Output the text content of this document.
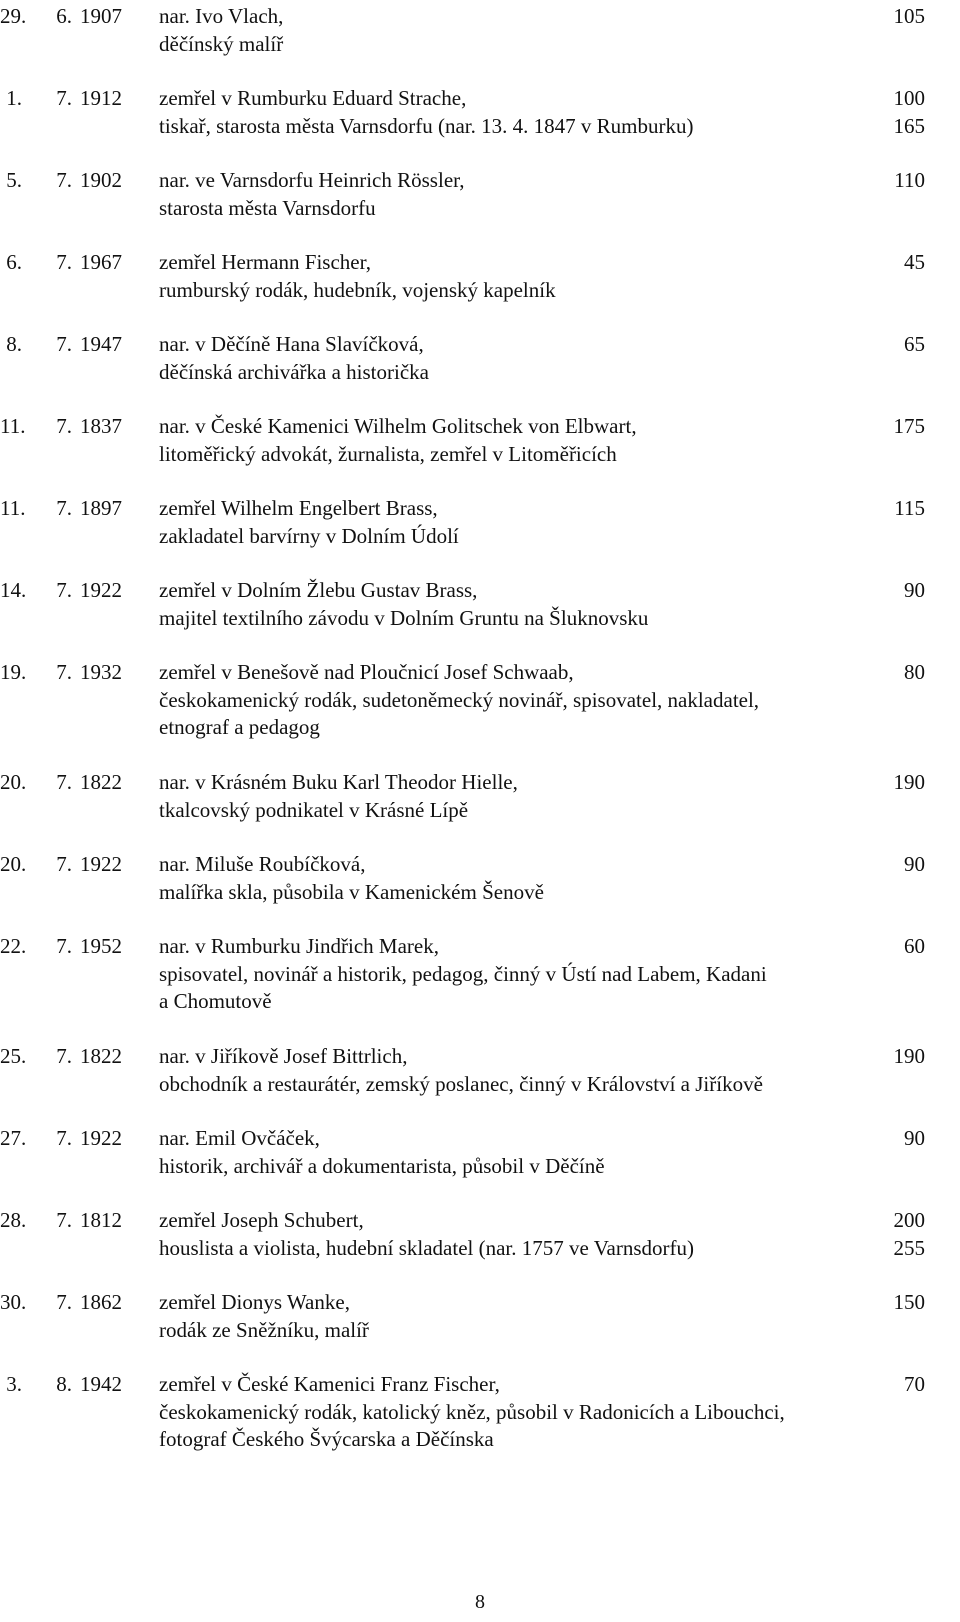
29.	6. 1907 nar. Ivo Vlach,	105
děčínský malíř
1.	7. 1912 zemřel v Rumburku Eduard Strache,	100
tiskař, starosta města Varnsdorfu (nar. 13. 4. 1847 v Rumburku)	165
5.	7. 1902 nar. ve Varnsdorfu Heinrich Rössler,	110
starosta města Varnsdorfu
6.	7. 1967 zemřel Hermann Fischer,	45
rumburský rodák, hudebník, vojenský kapelník
8.	7. 1947 nar. v Děčíně Hana Slavíčková,	65
děčínská archivářka a historička
11.	7. 1837 nar. v České Kamenici Wilhelm Golitschek von Elbwart,	175
litoměřický advokát, žurnalista, zemřel v Litoměřicích
11.	7. 1897 zemřel Wilhelm Engelbert Brass,	115
zakladatel barvírny v Dolním Údolí
14.	7. 1922 zemřel v Dolním Žlebu Gustav Brass,	90
majitel textilního závodu v Dolním Gruntu na Šluknovsku
19.	7. 1932 zemřel v Benešově nad Ploučnicí Josef Schwaab,	80
českokamenický rodák, sudetoněmecký novinář, spisovatel, nakladatel,
etnograf a pedagog
20.	7. 1822 nar. v Krásném Buku Karl Theodor Hielle,	190
tkalcovský podnikatel v Krásné Lípě
20.	7. 1922 nar. Miluše Roubíčková,	90
malířka skla, působila v Kamenickém Šenově
22.	7. 1952 nar. v Rumburku Jindřich Marek,	60
spisovatel, novinář a historik, pedagog, činný v Ústí nad Labem, Kadani
a Chomutově
25.	7. 1822 nar. v Jiříkově Josef Bittrlich,	190
obchodník a restaurátér, zemský poslanec, činný v Království a Jiříkově
27.	7. 1922 nar. Emil Ovčáček,	90
historik, archivář a dokumentarista, působil v Děčíně
28.	7. 1812 zemřel Joseph Schubert,	200
houslista a violista, hudební skladatel (nar. 1757 ve Varnsdorfu)	255
30.	7. 1862 zemřel Dionys Wanke,	150
rodák ze Sněžníku, malíř
3.	8. 1942 zemřel v České Kamenici Franz Fischer,	70
českokamenický rodák, katolický kněz, působil v Radonicích a Libouchci,
fotograf Českého Švýcarska a Děčínska
8
